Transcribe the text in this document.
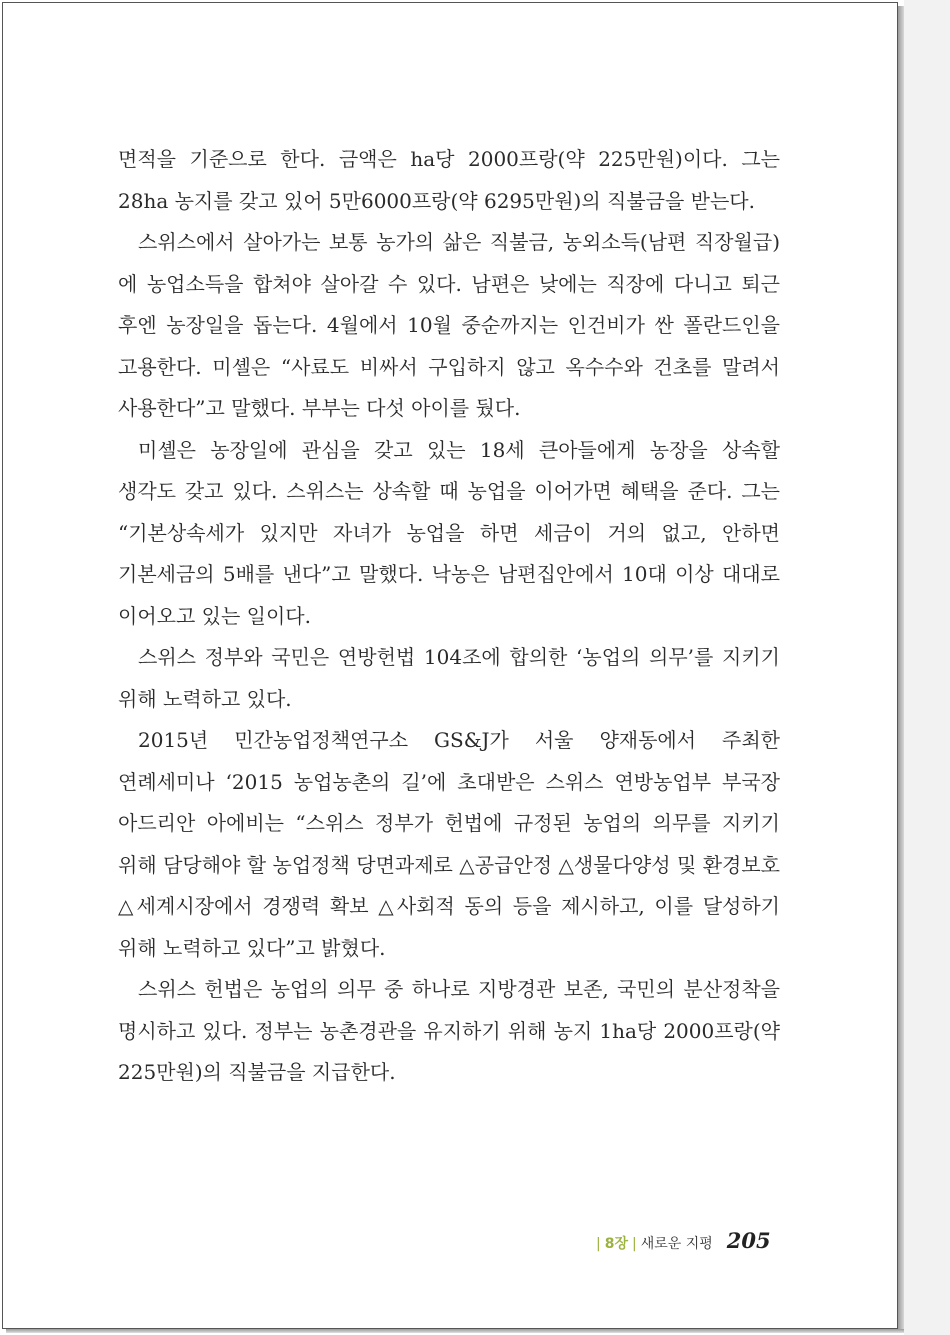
면적을 기준으로 한다. 금액은 ha당 2000프랑(약 225만원)이다. 그는 28ha 농지를 갖고 있어 5만6000프랑(약 6295만원)의 직불금을 받는다.

스위스에서 살아가는 보통 농가의 삶은 직불금, 농외소득(남편 직장월급)에 농업소득을 합쳐야 살아갈 수 있다. 남편은 낮에는 직장에 다니고 퇴근 후엔 농장일을 돕는다. 4월에서 10월 중순까지는 인건비가 싼 폴란드인을 고용한다. 미셸은 “사료도 비싸서 구입하지 않고 옥수수와 건초를 말려서 사용한다”고 말했다. 부부는 다섯 아이를 뒀다.

미셸은 농장일에 관심을 갖고 있는 18세 큰아들에게 농장을 상속할 생각도 갖고 있다. 스위스는 상속할 때 농업을 이어가면 혜택을 준다. 그는 “기본상속세가 있지만 자녀가 농업을 하면 세금이 거의 없고, 안하면 기본세금의 5배를 낸다”고 말했다. 낙농은 남편집안에서 10대 이상 대대로 이어오고 있는 일이다.

스위스 정부와 국민은 연방헌법 104조에 합의한 ‘농업의 의무’를 지키기 위해 노력하고 있다.

2015년 민간농업정책연구소 GS&J가 서울 양재동에서 주최한 연례세미나 ‘2015 농업농촌의 길’에 초대받은 스위스 연방농업부 부국장 아드리안 아에비는 “스위스 정부가 헌법에 규정된 농업의 의무를 지키기 위해 담당해야 할 농업정책 당면과제로 △공급안정 △생물다양성 및 환경보호 △세계시장에서 경쟁력 확보 △사회적 동의 등을 제시하고, 이를 달성하기 위해 노력하고 있다”고 밝혔다.

스위스 헌법은 농업의 의무 중 하나로 지방경관 보존, 국민의 분산정착을 명시하고 있다. 정부는 농촌경관을 유지하기 위해 농지 1ha당 2000프랑(약 225만원)의 직불금을 지급한다.

| 8장 | 새로운 지평 205
